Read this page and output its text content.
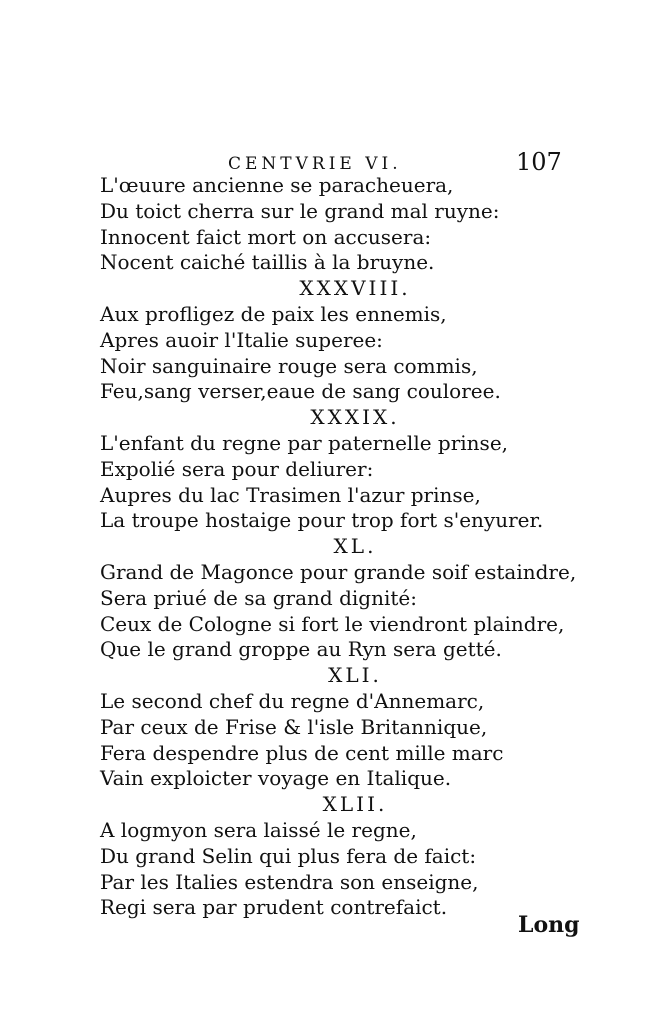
CENTVRIE VI.	107
L'œuure ancienne se paracheuera,
Du toict cherra sur le grand mal ruyne:
Innocent faict mort on accusera:
Nocent caiché taillis à la bruyne.
XXXVIII.
Aux profligez de paix les ennemis,
Apres auoir l'Italie superee:
Noir sanguinaire rouge sera commis,
Feu,sang verser,eaue de sang couloree.
XXXIX.
L'enfant du regne par paternelle prinse,
Expolié sera pour deliurer:
Aupres du lac Trasimen l'azur prinse,
La troupe hostaige pour trop fort s'enyurer.
XL.
Grand de Magonce pour grande soif estaindre,
Sera priué de sa grand dignité:
Ceux de Cologne si fort le viendront plaindre,
Que le grand groppe au Ryn sera getté.
XLI.
Le second chef du regne d'Annemarc,
Par ceux de Frise & l'isle Britannique,
Fera despendre plus de cent mille marc
Vain exploicter voyage en Italique.
XLII.
A logmyon sera laissé le regne,
Du grand Selin qui plus fera de faict:
Par les Italies estendra son enseigne,
Regi sera par prudent contrefaict.
Long
